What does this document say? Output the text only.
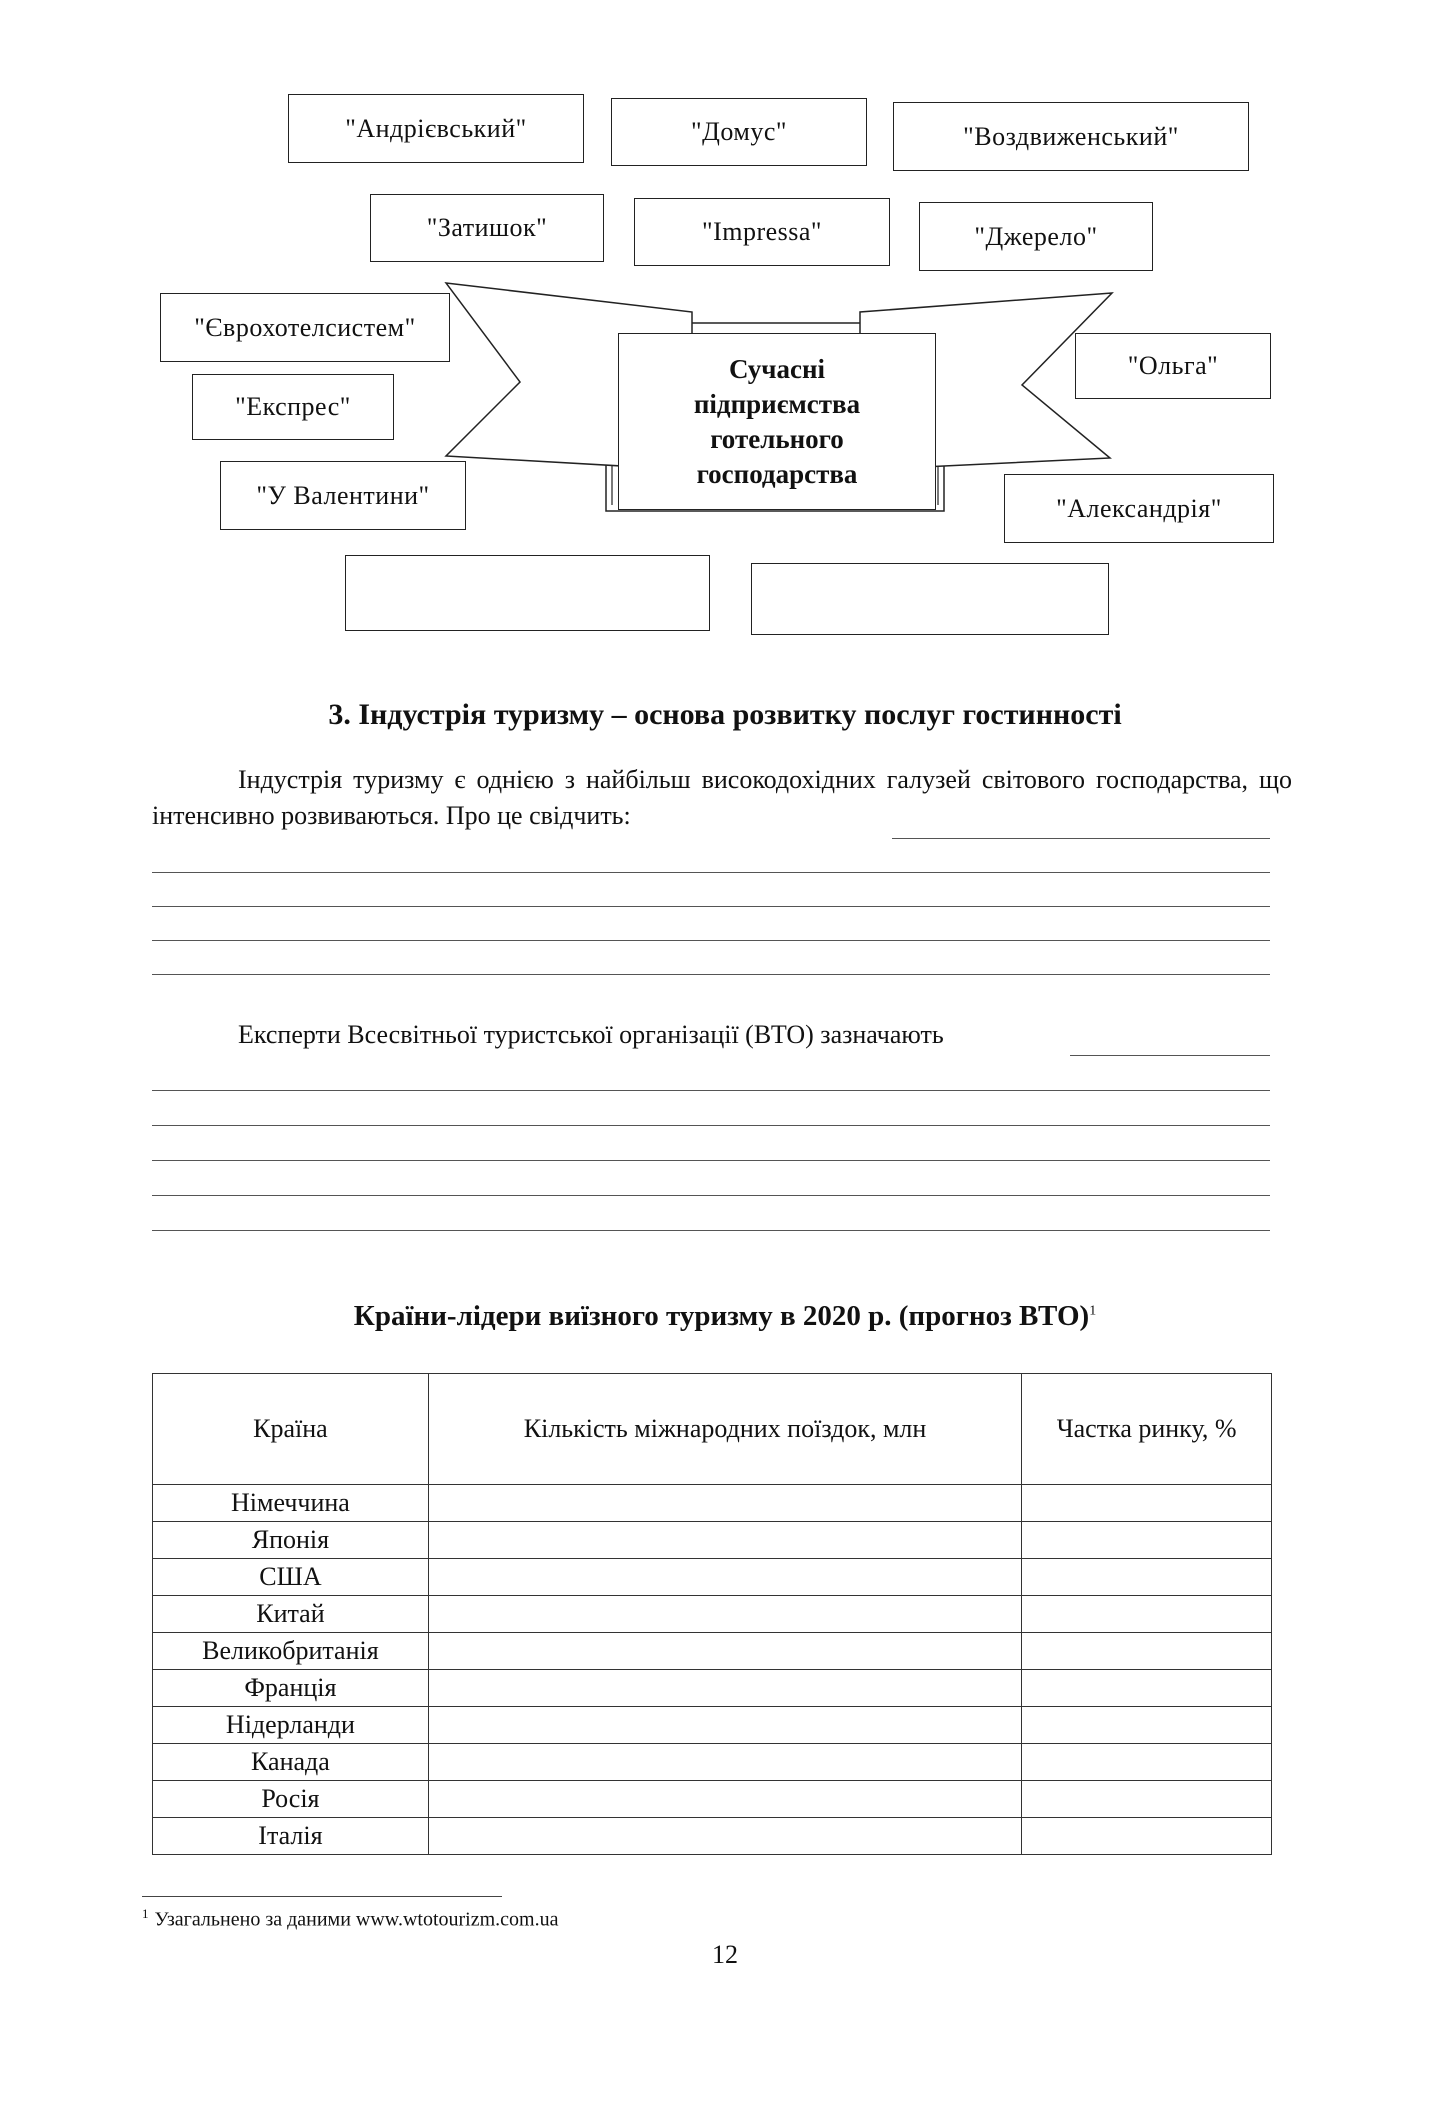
Сучасні
підприємства
готельного
господарства
"Андрієвський"	"Домус"	"Воздвиженський"
"Затишок"	"Impressa"	"Джерело"
"Єврохотелсистем"
"Експрес"
"У Валентини"
"Ольга"
"Александрія"
3. Індустрія туризму – основа розвитку послуг гостинності
Індустрія туризму є однією з найбільш високодохідних галузей світового господарства, що інтенсивно розвиваються. Про це свідчить:
Експерти Всесвітньої туристської організації (ВТО) зазначають
Країни-лідери виїзного туризму в 2020 р. (прогноз ВТО)$^1$
Країна	Кількість міжнародних поїздок, млн	Частка ринку, %
Німеччина		
Японія		
США		
Китай		
Великобританія		
Франція		
Нідерланди		
Канада		
Росія		
Італія		
$^1$ Узагальнено за даними www.wtotourizm.com.ua
12
